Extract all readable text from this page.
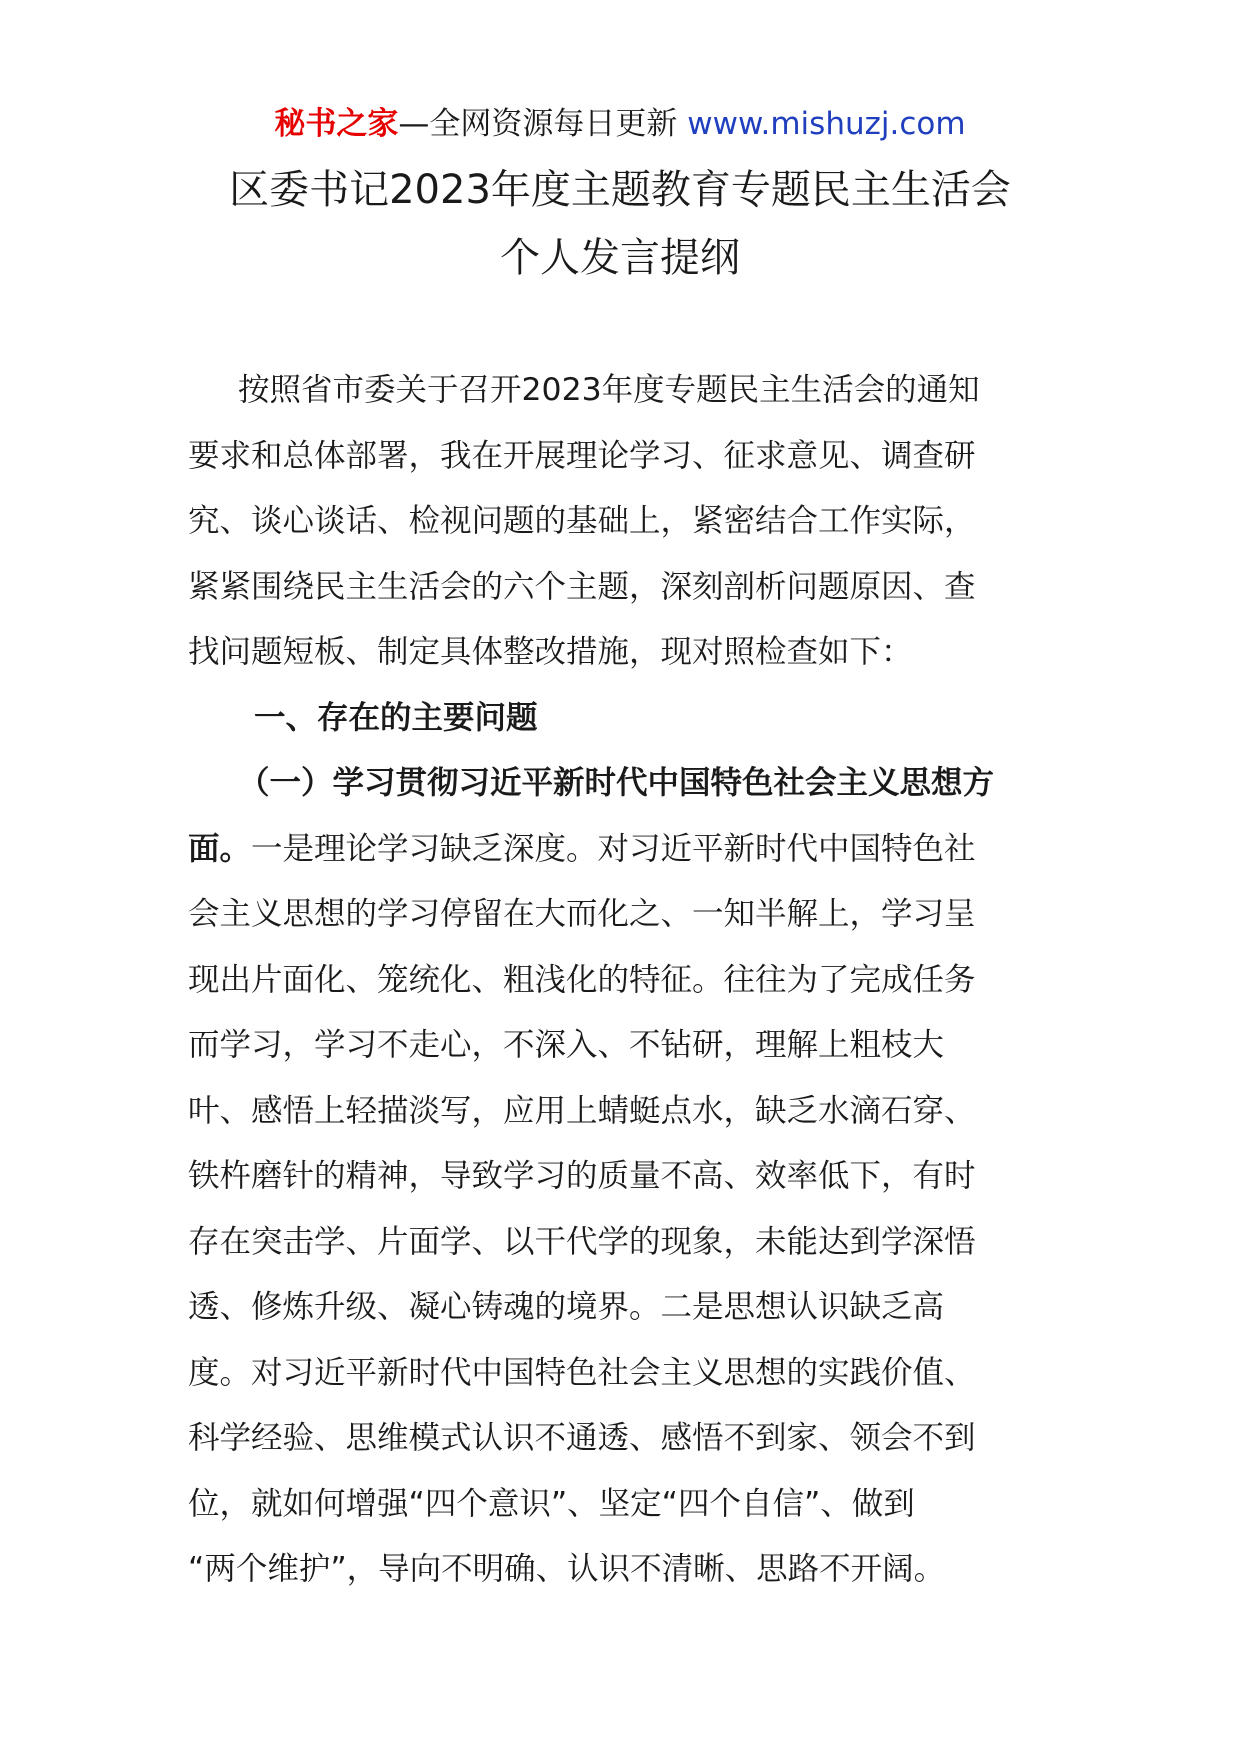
秘书之家—全网资源每日更新 www.mishuzj.com
区委书记2023年度主题教育专题民主生活会
个人发言提纲
按照省市委关于召开2023年度专题民主生活会的通知
要求和总体部署，我在开展理论学习、征求意见、调查研
究、谈心谈话、检视问题的基础上，紧密结合工作实际，
紧紧围绕民主生活会的六个主题，深刻剖析问题原因、查
找问题短板、制定具体整改措施，现对照检查如下：
一、存在的主要问题
（一）学习贯彻习近平新时代中国特色社会主义思想方
面。一是理论学习缺乏深度。对习近平新时代中国特色社
会主义思想的学习停留在大而化之、一知半解上，学习呈
现出片面化、笼统化、粗浅化的特征。往往为了完成任务
而学习，学习不走心，不深入、不钻研，理解上粗枝大
叶、感悟上轻描淡写，应用上蜻蜓点水，缺乏水滴石穿、
铁杵磨针的精神，导致学习的质量不高、效率低下，有时
存在突击学、片面学、以干代学的现象，未能达到学深悟
透、修炼升级、凝心铸魂的境界。二是思想认识缺乏高
度。对习近平新时代中国特色社会主义思想的实践价值、
科学经验、思维模式认识不通透、感悟不到家、领会不到
位，就如何增强“四个意识”、坚定“四个自信”、做到
“两个维护”，导向不明确、认识不清晰、思路不开阔。
